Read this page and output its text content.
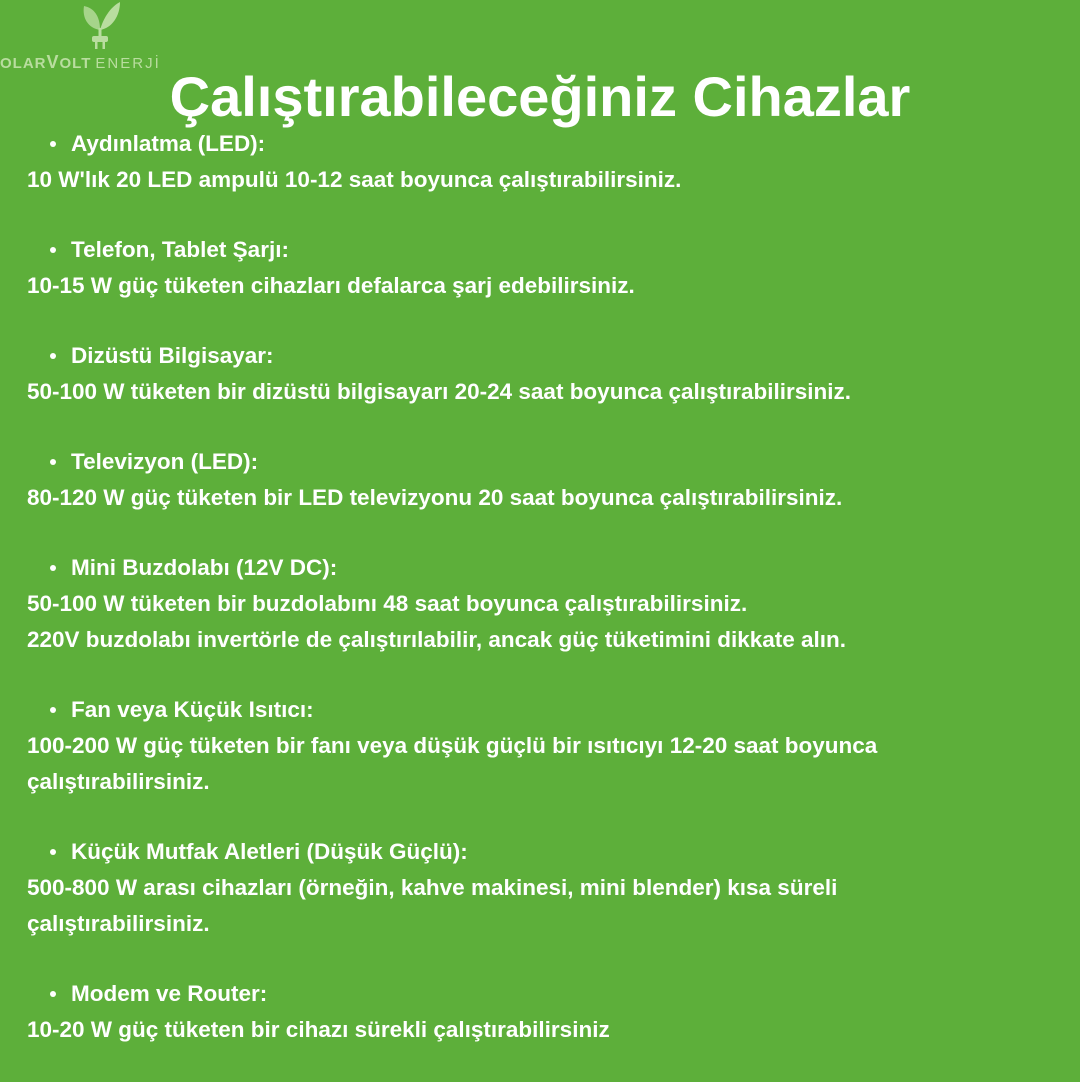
OLARVOLT ENERJİ
Çalıştırabileceğiniz Cihazlar
Aydınlatma (LED):
10 W'lık 20 LED ampulü 10-12 saat boyunca çalıştırabilirsiniz.
Telefon, Tablet Şarjı:
10-15 W güç tüketen cihazları defalarca şarj edebilirsiniz.
Dizüstü Bilgisayar:
50-100 W tüketen bir dizüstü bilgisayarı 20-24 saat boyunca çalıştırabilirsiniz.
Televizyon (LED):
80-120 W güç tüketen bir LED televizyonu 20 saat boyunca çalıştırabilirsiniz.
Mini Buzdolabı (12V DC):
50-100 W tüketen bir buzdolabını 48 saat boyunca çalıştırabilirsiniz.
220V buzdolabı invertörle de çalıştırılabilir, ancak güç tüketimini dikkate alın.
Fan veya Küçük Isıtıcı:
100-200 W güç tüketen bir fanı veya düşük güçlü bir ısıtıcıyı 12-20 saat boyunca
çalıştırabilirsiniz.
Küçük Mutfak Aletleri (Düşük Güçlü):
500-800 W arası cihazları (örneğin, kahve makinesi, mini blender) kısa süreli
çalıştırabilirsiniz.
Modem ve Router:
10-20 W güç tüketen bir cihazı sürekli çalıştırabilirsiniz
